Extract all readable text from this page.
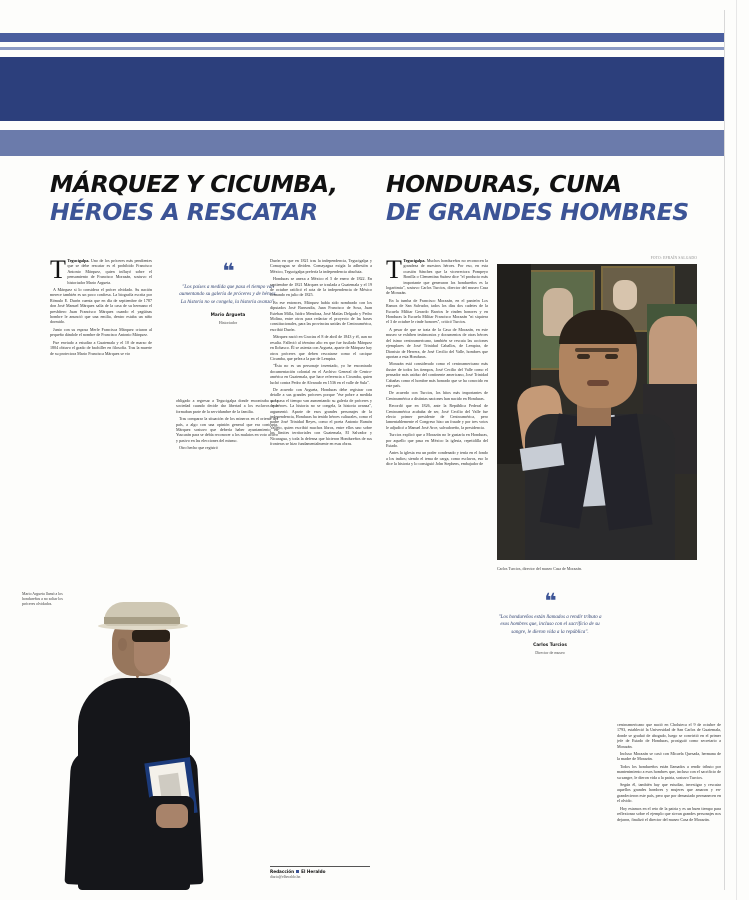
MÁRQUEZ Y CICUMBA,
HÉROES A RESCATAR
HONDURAS, CUNA
DE GRANDES HOMBRES

T Tegucigalpa. Uno de los próceres más pendientes que se debe rescatar es el prohibido Francisco Antonio Márquez, quien influyó sobre el pensamiento de Francisco Morazán, sostuvo el historiador Mario Argueta.

A Márquez si lo considera el prócer olvidado. Su nación merece también es un poco confiesa. La biografía escrita por Rómulo E. Durón cuenta que en día de septiembre de 1787 don José Manuel Márquez salía de la casa de su hermano el presbítero Juan Francisco Márquez cuando el yagüínas hombre le anunció que una emilia, dentro estaba un niño dormido.

Junto con su esposa Merle Francisca Márquez criaron al pequeño dándole el nombre de Francisco Antonio Márquez.

Fue enviado a estudiar a Guatemala y el 10 de marzo de 1804 obtuvo el grado de bachiller en filosofía. Tras la muerte de su protectora Mario Francisca Márquez se vio

❝
"Los países a medida que pasa el tiempo van aumentando su galería de próceres y de héroes. La historia no se congela, la historia avanza".
Mario Argueta
Historiador

obligado a regresar a Tegucigalpa donde encontraba a la sociedad cuando decide dar libertad a los esclavos que formaban parte de la servidumbre de la familia.

Tras comparar la situación de los mineros en el oriente del país, a algo con una opinión general que era contraria, Márquez sostuvo que debería haber ayuntamiento en Yuscarán para se debía reconocer a los mulatos en voto activo y pasivo en las elecciones del mismo.

Otro hecho que registró

Durón en que en 1821 tras la independencia, Tegucigalpa y Comayagua se dividen. Comayagua exigía la adhesión a México, Tegucigalpa prefería la independencia absoluta.

Honduras se anexa a México el 5 de enero de 1822. En septiembre de 1821 Márquez se traslada a Guatemala y el 19 de octubre ratificó el acta de la independencia de México firmando en julio de 1825.

En ese entonces, Márquez había sido nombrado con los diputados José Barrundia, Juan Francisco de Sosa, Juan Esteban Milla, Isidro Mendoza, José Matías Delgado y Pedro Molina, entre otros para redactar el proyecto de las bases constitucionales, para las provincias unidas de Centroamérica, escribió Durón.

Márquez nació en Gracias el 8 de abril de 1843 y él, aun no resulta. Falleció al término alto en que fue fusilado Márquez en Ilobasco. Él se asienta con Argueta, aparte de Márquez hay otros próceres que deben rescatarse como el cacique Cicumba, que pelea a la par de Lempira.

"Ésta no es un personaje inventado, yo he encontrado documentación colonial en el Archivo General de Centroamérica en Guatemala, que hace referencia a Cicumba, quien luchó contra Pedro de Alvarado en 1536 en el valle de Sula".

De acuerdo con Argueta, Honduras debe registrar con detalle a sus grandes próceres porque "ése pobre a medida que pasa el tiempo van aumentando su galería de próceres y de héroes. La historia no se congela, la historia avanza", argumentó. Aparte de esos grandes personajes de la independencia, Honduras ha tenido héroes culturales, como el padre José Trinidad Reyes, como el poeta Antonio Ramón Vallejo, quien escribió muchos libros, entre ellos uno sobre los límites territoriales con Guatemala, El Salvador y Nicaragua, y toda la defensa que hicieron Hondureños de sus fronteras se hizo fundamentalmente en esas obras.

T Tegucigalpa. Muchos hondureños no reconocen la grandeza de nuestros héroes. Por eso, en esta ocasión Sánchez que la vicerrectora Pompeyo Bonilla o Clementina Suárez dice "el producto más importante que generaron los hondureños es la logaritmia", sostuvo Carlos Turcios, director del museo Casa de Morazán.

En la tumba de Francisco Morazán, en el panteón Los Ramos de San Salvador, tados los días dos cadetes de la Escuela Militar Gerardo Barrios le rinden honores y en Honduras la Escuela Militar Francisco Morazán "ni siquiera el 3 de octubre le rinde honores", criticó Turcios.

A pesar de que se trata de la Casa de Morazán, en este museo se exhiben testimonios y documentos de otras héroes del istmo centroamericano, también se rescata las acciones ejemplares de José Trinidad Caballos, de Lempira, de Dionisio de Herrera, de José Cecilio del Valle, hombres que aportan a esta Honduras.

Morazán está considerado como el centroamericano más ilustre de todos los tiempos, José Cecilio del Valle como el pensador más asiduo del continente americano, José Trinidad Cabañas como el hombre más honrado que se ha conocido en este país.

De acuerdo con Turcios, los hitos más importantes de Centroamérica a distintas naciones han nacido en Honduras.

Recordó que en 1826, ante la República Federal de Centroamérica acababa de ser, José Cecilio del Valle fue electo primer presidente de Centroamérica, pero lamentablemente el Congreso hizo un fraude y por tres votos le adjudicó a Manuel José Arce, salvadoreño, la presidencia.

Turcios explicó que a Morazán no le gustaría en Honduras, por aquello que pasa en México la iglesia, repetidilla del Estado.

Antes la iglesia era un poder condenado y tenía en el fondo a los indios; siendo el tema de carga, como esclavos, eso lo dice la historia y lo consiguió John Stephens, embajador de

FOTO: EFRAÍN SALGADO
Carlos Turcios, director del museo Casa de Morazán.
❝
"Los hondureños están llamados a rendir tributo a esos hombres que, incluso con el sacrificio de su sangre, le dieron vida a la república".
Carlos Turcios
Director de museo

centroamericano que nació en Choluteca el 9 de octubre de 1793, estableció la Universidad de San Carlos de Guatemala, donde se graduó de abogado, luego se convirtió en el primer jefe de Estado de Honduras, prosiguió como secretario a Morazán.

Incluso Morazán se casó con Micaela Quesada, hermana de la madre de Morazán.

Todos los hondureños están llamados a rendir tributo por mantenimiento a esos hombres que, incluso con el sacrificio de su sangre, le dieron vida a la patria, sostuvo Turcios.

Según él, también hay que estudiar, investigar y rescatar aquellos grandes hombres y mujeres que amaron y engrandecieron este país, pero que por demasiado permanecen en el olvido.

Hoy estamos en el reto de la patria y es un buen tiempo para reflexionar sobre el ejemplo que sirvan grandes personajes nos dejaron, finalizó el director del museo Casa de Morazán.

Mario Argueta llamó a los hondureños a no soltar los próceres olvidados.
Redacción El Heraldo
diario@elheraldo.hn
